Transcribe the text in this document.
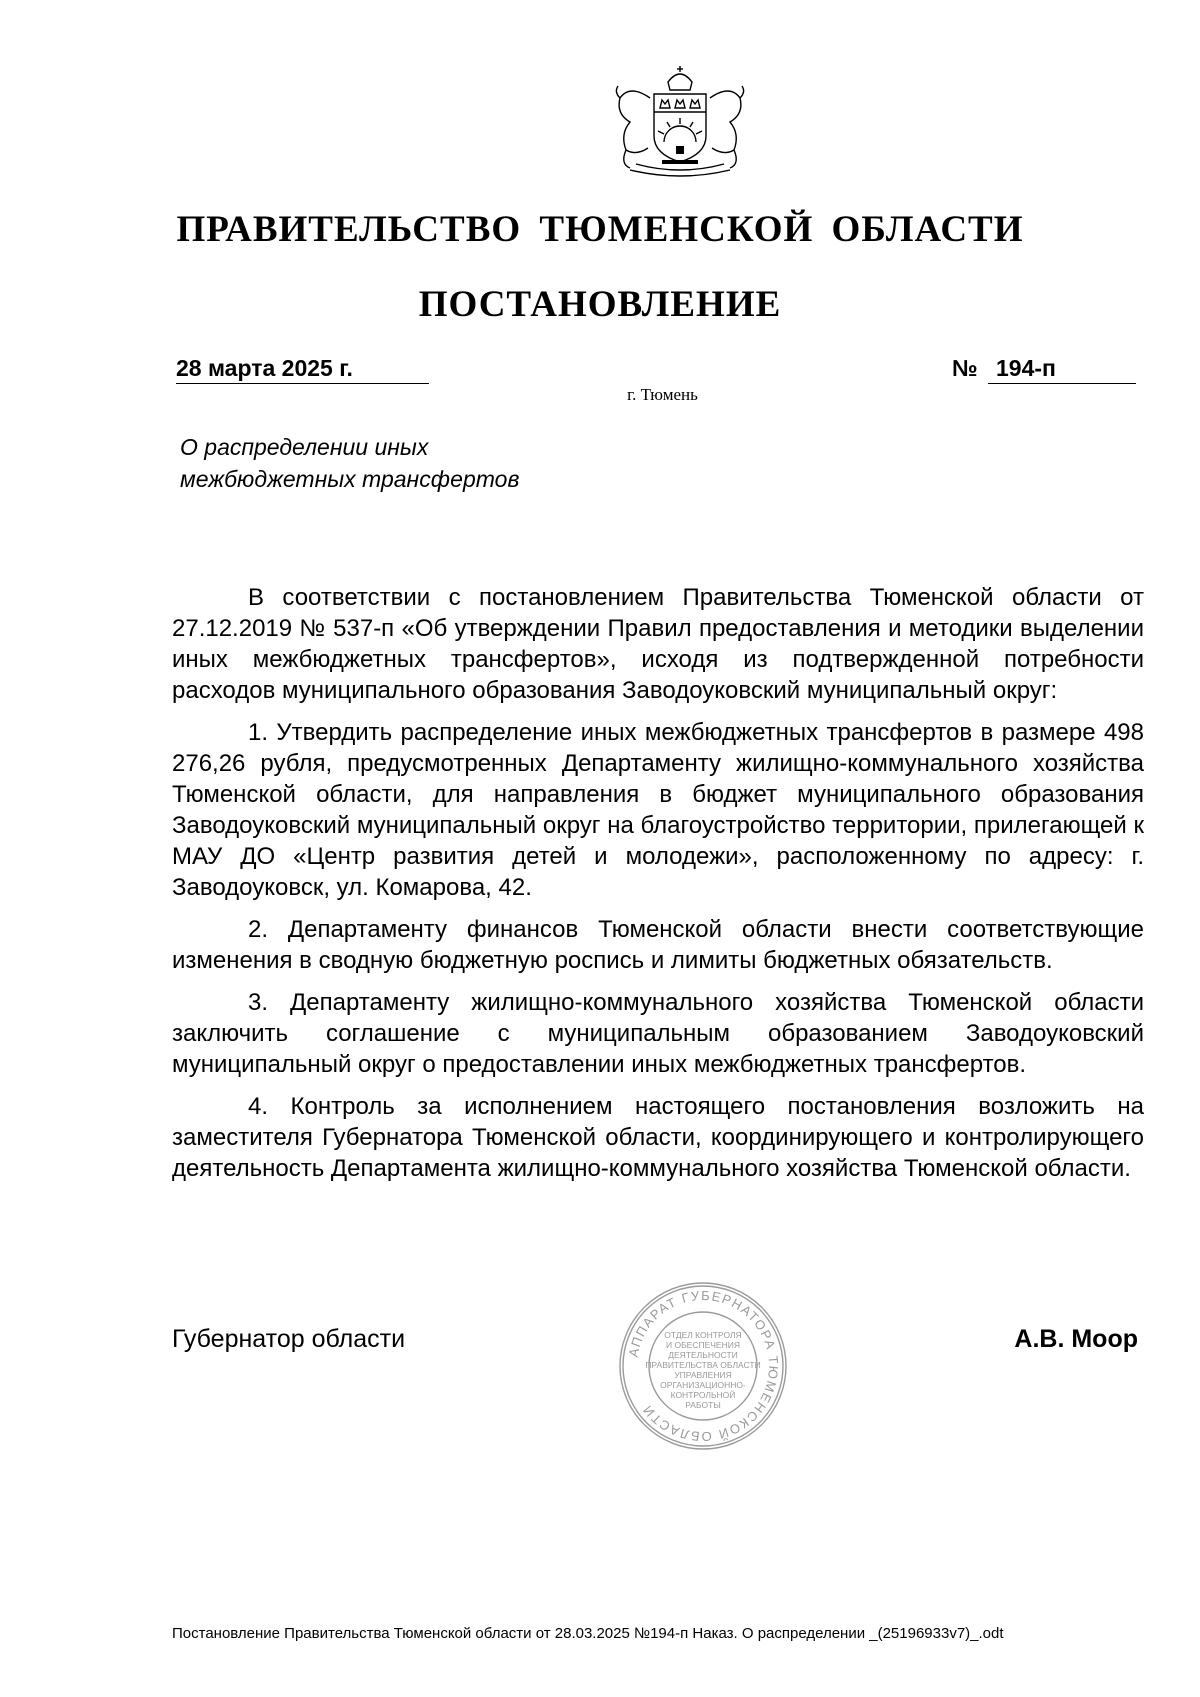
ПРАВИТЕЛЬСТВО ТЮМЕНСКОЙ ОБЛАСТИ
ПОСТАНОВЛЕНИЕ
28 марта 2025 г.	№ 194-п
г. Тюмень
О распределении иных
межбюджетных трансфертов

В соответствии с постановлением Правительства Тюменской области от 27.12.2019 № 537-п «Об утверждении Правил предоставления и методики выделении иных межбюджетных трансфертов», исходя из подтвержденной потребности расходов муниципального образования Заводоуковский муниципальный округ:

1. Утвердить распределение иных межбюджетных трансфертов в размере 498 276,26 рубля, предусмотренных Департаменту жилищно-коммунального хозяйства Тюменской области, для направления в бюджет муниципального образования Заводоуковский муниципальный округ на благоустройство территории, прилегающей к МАУ ДО «Центр развития детей и молодежи», расположенному по адресу: г. Заводоуковск, ул. Комарова, 42.

2. Департаменту финансов Тюменской области внести соответствующие изменения в сводную бюджетную роспись и лимиты бюджетных обязательств.

3. Департаменту жилищно-коммунального хозяйства Тюменской области заключить соглашение с муниципальным образованием Заводоуковский муниципальный округ о предоставлении иных межбюджетных трансфертов.

4. Контроль за исполнением настоящего постановления возложить на заместителя Губернатора Тюменской области, координирующего и контролирующего деятельность Департамента жилищно-коммунального хозяйства Тюменской области.

Губернатор области	А.В. Моор
АППАРАТ ГУБЕРНАТОРА ТЮМЕНСКОЙ ОБЛАСТИ
ОТДЕЛ КОНТРОЛЯ
И ОБЕСПЕЧЕНИЯ
ДЕЯТЕЛЬНОСТИ
ПРАВИТЕЛЬСТВА ОБЛАСТИ
УПРАВЛЕНИЯ
ОРГАНИЗАЦИОННО-
КОНТРОЛЬНОЙ
РАБОТЫ
Постановление Правительства Тюменской области от 28.03.2025 №194-п Наказ. О распределении _(25196933v7)_.odt
